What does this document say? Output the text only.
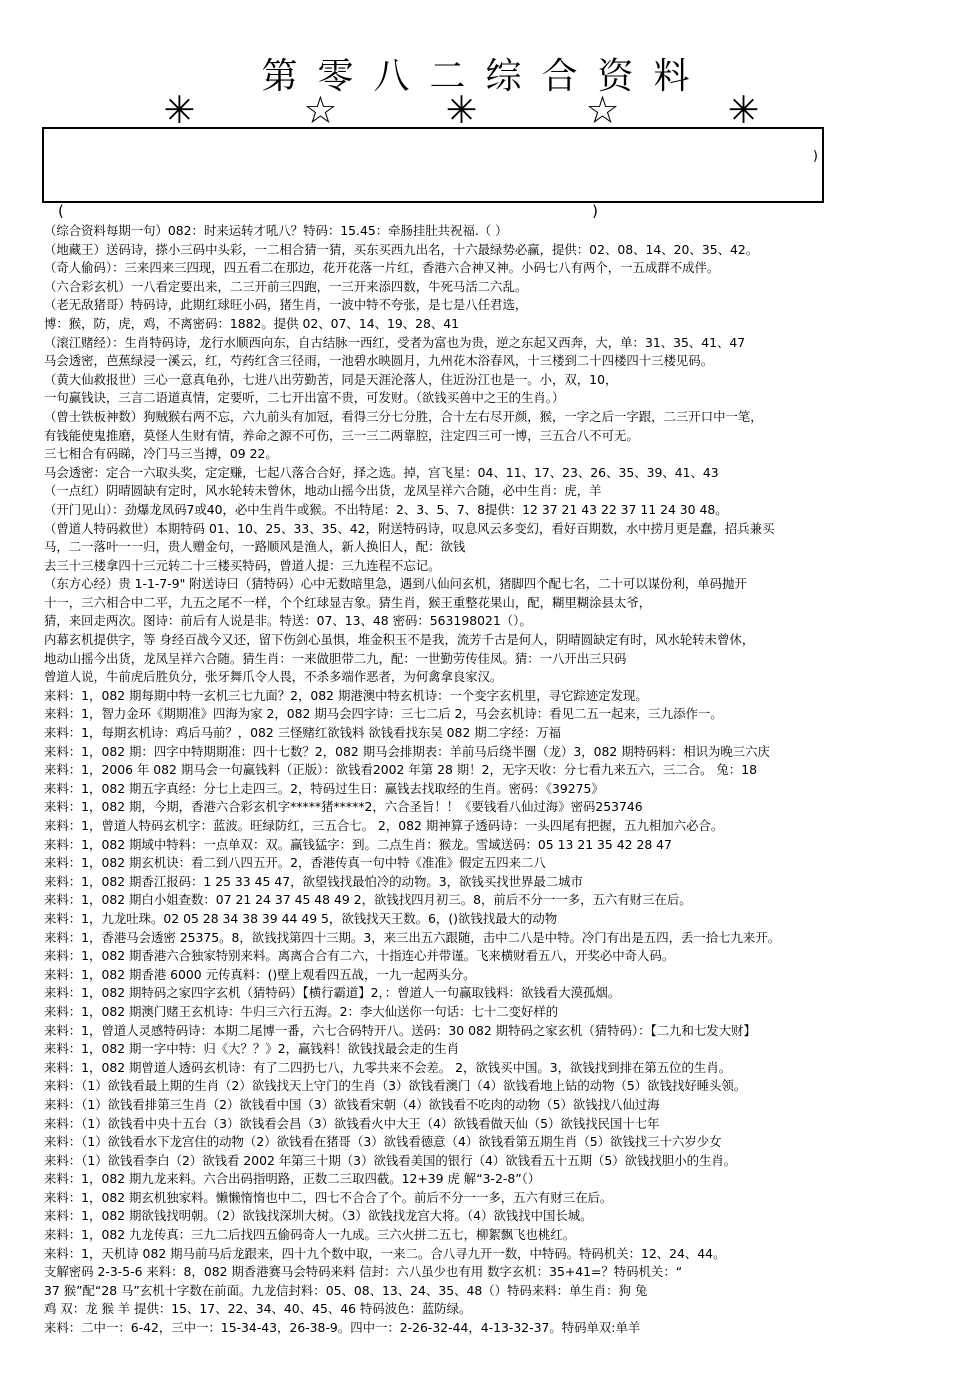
第零八二综合资料
✳ ☆ ✳ ☆ ✳
)
(	)
（综合资料每期一句）082：时来运转才吼八？特码：15.45：牵肠挂肚共祝福.（ ）
（地藏王）送码诗，搽小三码中头彩，一二相合猜一猜，买东买西九出名，十六最绿势必赢，提供：02、08、14、20、35、42。
（奇人偷码）：三来四来三四现，四五看二在那边，花开花落一片红，香港六合神又神。小码七八有两个，一五成群不成伴。
（六合彩玄机）一八看定要出来，二三开前三四跑，一三开来添四数，牛死马活二六乱。
（老无敌猪哥）特码诗，此期红球旺小码，猪生肖，一波中特不夸张，是七是八任君选，
博：猴，防，虎，鸡，不离密码：1882。提供 02、07、14、19、28、41
（滚江赌经）：生肖特码诗，龙行水顺西向东，自古结脉一西红，受者为富也为贵，逆之东起又西奔，大，单：31、35、41、47
马会透密，芭蕉绿浸一溪云，红，芍药红含三径雨，一池碧水映圆月，九州花木浴春风，十三楼到二十四楼四十三楼见码。
（黄大仙救报世）三心一意真龟孙，七进八出劳勤苦，同是天涯沦落人，住近汾江也是一。小，双，10，
一句赢钱诀，三言二语道真情，定要听，二七开出富不贵，可发财。（欲钱买兽中之王的生肖。）
（曾士铁板神数）狗贼猴右两不忘，六九前头有加冠，看得三分七分胜，合十左右尽开颜，猴，一字之后一字跟，二三开口中一笔，
有钱能使鬼推磨，莫怪人生财有情，养命之源不可伤，三一三二两靠腔，注定四三可一博，三五合八不可无。
三七相合有码睇，冷门马三当搏，09 22。
马会透密：定合一六取头奖，定定赚，七起八落合合好，择之选。掉，宫飞星：04、11、17、23、26、35、39、41、43
（一点红）阴晴圆缺有定时，风水轮转未曾休，地动山摇今出货，龙凤呈祥六合随，必中生肖：虎，羊
（开门见山）：劲爆龙凤码7或40，必中生肖牛或猴。不出特尾：2、3、5、7、8提供：12 37 21 43 22 37 11 24 30 48。
（曾道人特码救世）本期特码 01、10、25、33、35、42，附送特码诗，叹息风云多变幻，看好百期数，水中捞月更是蠢，招兵兼买
马，二一落叶一一归，贵人赠金句，一路顺风是渔人，新人换旧人，配：欲钱
去三十三楼拿四十三元转二十三楼买特码，曾道人提：三九连程不忘记。
（东方心经）贵 1-1-7-9" 附送诗曰（猜特码）心中无数暗里急，遇到八仙问玄机，猪脚四个配七名，二十可以谋份利，单码抛开
十一，三六相合中二平，九五之尾不一样，个个红球显吉象。猜生肖，猴王重整花果山，配，糊里糊涂县太爷，
猜，来回走两次。图诗：前后有人说是非。特送：07、13、48 密码：563198021（）。
内幕玄机提供字，等 身经百战今又还，留下伤剑心虽惧，堆金积玉不是我，流芳千古是何人，阴晴圆缺定有时，风水轮转未曾休，
地动山摇今出货，龙凤呈祥六合随。猜生肖：一来做胆带二九，配：一世勤劳传佳凤。猜：一八开出三只码
曾道人说，牛前虎后胜负分，张牙舞爪令人畏，不杀多端作恶者，为何禽拿良家汉。
来料：1，082 期每期中特一玄机三七九面？2，082 期港澳中特玄机诗：一个变字玄机里，寻它踪迹定发现。
来料：1，智力金环《期期准》四海为家 2，082 期马会四字诗：三七二后 2，马会玄机诗：看见二五一起来，三九添作一。
来料：1，每期玄机诗：鸡后马前？，082 三怪赌红欲钱料 欲钱看找东吴 082 期二字经：万福
来料：1，082 期：四字中特期期准：四十七数？2，082 期马会排期表：羊前马后绕半圈（龙）3，082 期特码料：相识为晚三六庆
来料：1，2006 年 082 期马会一句赢钱料（正版）：欲钱看2002 年第 28 期！2，无字天收：分七看九来五六，三二合。 兔：18
来料：1，082 期五字真经：分七上走四三。2，特码过生日：赢钱去找取经的生肖。密码：《39275》
来料：1，082 期，今期，香港六合彩玄机字*****猪*****2，六合圣旨！！《要钱看八仙过海》密码253746
来料：1，曾道人特码玄机字：蓝波。旺绿防红，三五合七。 2，082 期神算子透码诗：一头四尾有把握，五九相加六必合。
来料：1，082 期域中特料：一点单双：双。赢钱猛字：到。二点生肖：猴龙。雪域送码：05 13 21 35 42 28 47
来料：1，082 期玄机诀：看二到八四五开。2，香港传真一句中特《准准》假定五四来二八
来料：1，082 期香江报码：1 25 33 45 47，欲望钱找最怕冷的动物。3，欲钱买找世界最二城市
来料：1，082 期白小姐查数：07 21 24 37 45 48 49 2，欲钱找四月初三。8，前后不分一一多，五六有财三在后。
来料：1，九龙吐珠。02 05 28 34 38 39 44 49 5，欲钱找天王数。6，()欲钱找最大的动物
来料：1，香港马会透密 25375。8，欲钱找第四十三期。3，来三出五六跟随，击中二八是中特。冷门有出是五四，丢一拾七九来开。
来料：1，082 期香港六合独家特别来料。离离合合有二六，十指连心并带谨。飞来横财看五八，开奖必中奇人码。
来料：1，082 期香港 6000 元传真料：()壁上观看四五战，一九一起两头分。
来料：1，082 期特码之家四字玄机（猜特码）【横行霸道】2，：曾道人一句赢取钱料：欲钱看大漠孤烟。
来料：1，082 期澳门赌王玄机诗：牛归三六行五海。2：李大仙送你一句话：七十二变好样的
来料：1，曾道人灵感特码诗：本期二尾博一番，六七合码特开八。送码：30 082 期特码之家玄机（猜特码）：【二九和七发大财】
来料：1，082 期一字中特：归《大？？》2，赢钱料！欲钱找最会走的生肖
来料：1，082 期曾道人透码玄机诗：有了二四扔七八，九零共来不会差。 2，欲钱买中国。3，欲钱找到排在第五位的生肖。
来料：（1）欲钱看最上期的生肖（2）欲钱找天上守门的生肖（3）欲钱看澳门（4）欲钱看地上钻的动物（5）欲钱找好睡头领。
来料：（1）欲钱看排第三生肖（2）欲钱看中国（3）欲钱看宋朝（4）欲钱看不吃肉的动物（5）欲钱找八仙过海
来料：（1）欲钱看中央十五台（3）欲钱看会昌（3）欲钱看火中大王（4）欲钱看做天仙（5）欲钱找民国十七年
来料：（1）欲钱看水下龙宫住的动物（2）欲钱看在猪哥（3）欲钱看德意（4）欲钱看第五期生肖（5）欲钱找三十六岁少女
来料：（1）欲钱看李白（2）欲钱看 2002 年第三十期（3）欲钱看美国的银行（4）欲钱看五十五期（5）欲钱找胆小的生肖。
来料：1，082 期九龙来料。六合出码指明路，正数二三取四截。12+39 虎 解“3-2-8”（）
来料：1，082 期玄机独家料。懒懒惰惰也中二，四七不合合了个。前后不分一一多，五六有财三在后。
来料：1，082 期欲钱找明朝。（2）欲钱找深圳大树。（3）欲钱找龙宫大将。（4）欲钱找中国长城。
来料：1，082 九龙传真：三九二后找四五偷码奇人一九成。三六火拼二五七，柳絮飘飞也桃红。
来料：1，天机诗 082 期马前马后龙跟来，四十九个数中取，一来二。合八寻九开一数，中特码。特码机关：12、24、44。
支解密码 2-3-5-6 来料：8，082 期香港赛马会特码来料 信封：六八虽少也有用 数字玄机：35+41=？特码机关：“
37 猴”配“28 马”玄机十字数在前面。九龙信封料：05、08、13、24、35、48（）特码来料：单生肖：狗 兔
鸡 双：龙 猴 羊 提供：15、17、22、34、40、45、46 特码波色：蓝防绿。
来料：二中一：6-42，三中一：15-34-43，26-38-9。四中一：2-26-32-44，4-13-32-37。特码单双:单羊
